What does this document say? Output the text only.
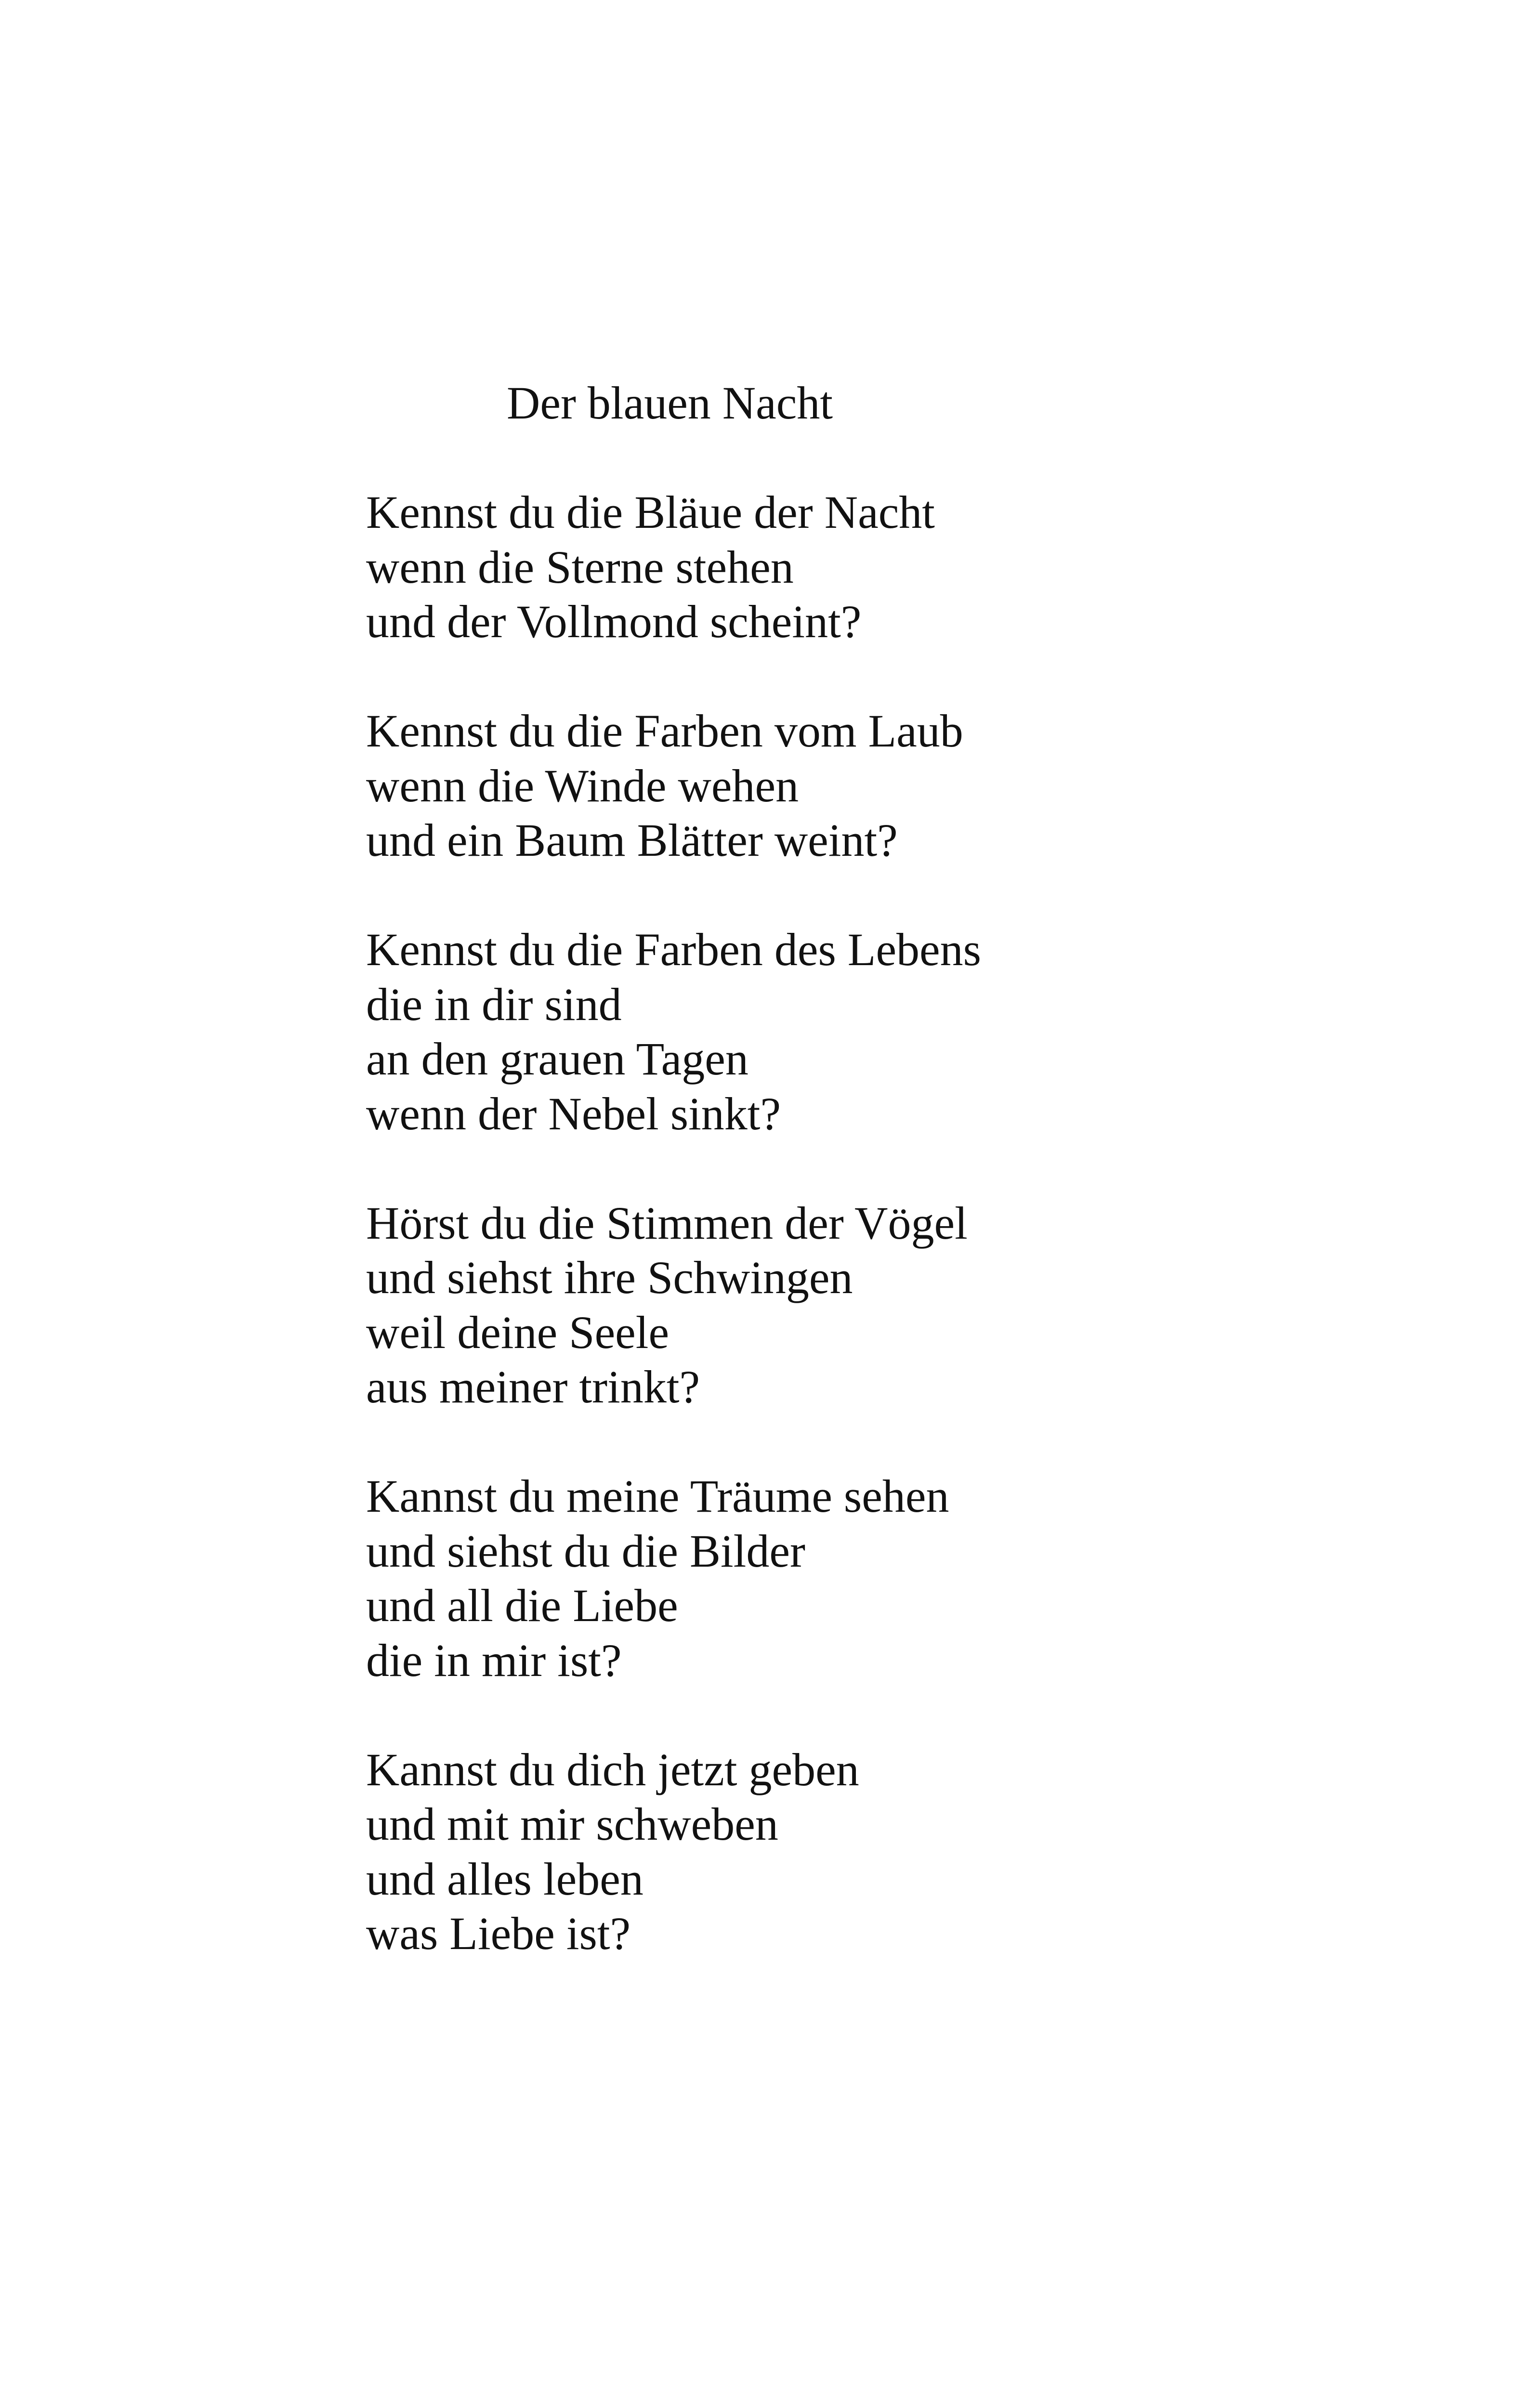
Der blauen Nacht
Kennst du die Bläue der Nacht
wenn die Sterne stehen
und der Vollmond scheint?
Kennst du die Farben vom Laub
wenn die Winde wehen
und ein Baum Blätter weint?
Kennst du die Farben des Lebens
die in dir sind
an den grauen Tagen
wenn der Nebel sinkt?
Hörst du die Stimmen der Vögel
und siehst ihre Schwingen
weil deine Seele
aus meiner trinkt?
Kannst du meine Träume sehen
und siehst du die Bilder
und all die Liebe
die in mir ist?
Kannst du dich jetzt geben
und mit mir schweben
und alles leben
was Liebe ist?
